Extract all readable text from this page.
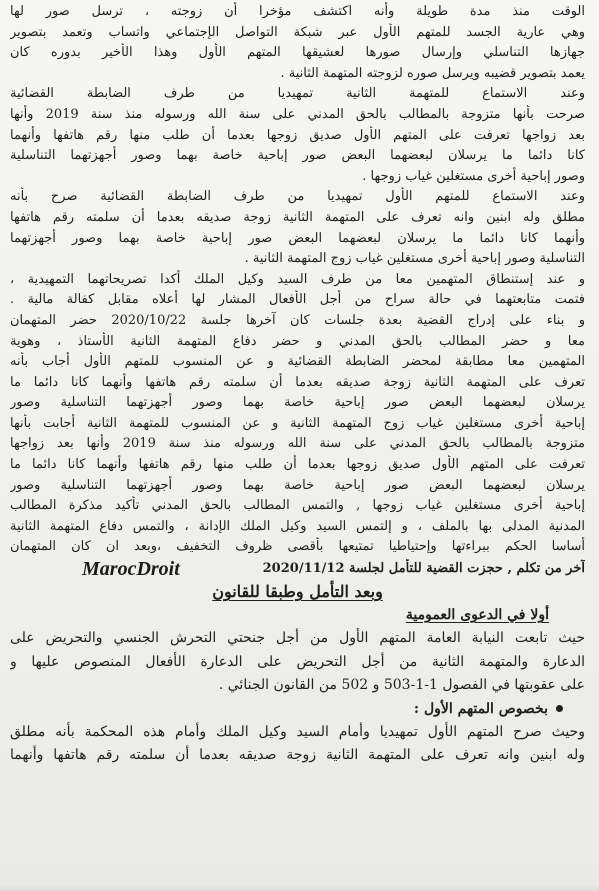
الوقت منذ مدة طويلة وأنه اكتشف مؤخرا أن زوجته ، ترسل صور لها
وهي عارية الجسد للمتهم الأول عبر شبكة التواصل الإجتماعي واتساب وتعمد بتصوير
جهازها التناسلي وإرسال صورها لعشيقها المتهم الأول وهذا الأخير بدوره كان
يعمد بتصوير قضيبه ويرسل صوره لزوجته المتهمة الثانية .
وعند الاستماع للمتهمة الثانية تمهيديا من طرف الضابطة القضائية
صرحت بأنها متزوجة بالمطالب بالحق المدني على سنة الله ورسوله منذ سنة 2019 وأنها
بعد زواجها تعرفت على المتهم الأول صديق زوجها بعدما أن طلب منها رقم هاتفها وأنهما
كانا دائما ما يرسلان لبعضهما البعض صور إباحية خاصة بهما وصور أجهزتهما التناسلية
وصور إباحية أخرى مستغلين غياب زوجها .
وعند الاستماع للمتهم الأول تمهيديا من طرف الضابطة القضائية صرح بأنه
مطلق وله ابنين وانه تعرف على المتهمة الثانية زوجة صديقه بعدما أن سلمته رقم هاتفها
وأنهما كانا دائما ما يرسلان لبعضهما البعض صور إباحية خاصة بهما وصور أجهزتهما
التناسلية وصور إباحية أخرى مستغلين غياب زوج المتهمة الثانية .
و عند إستنطاق المتهمين معا من طرف السيد وكيل الملك أكدا تصريحاتهما التمهيدية ،
فتمت متابعتهما في حالة سراح من أجل الأفعال المشار لها أعلاه مقابل كفالة مالية .
و بناء على إدراج القضية بعدة جلسات كان آخرها جلسة 2020/10/22 حضر المتهمان
معا و حضر المطالب بالحق المدني و حضر دفاع المتهمة الثانية الأستاذ ، وهوية
المتهمين معا مطابقة لمحضر الضابطة القضائية و عن المنسوب للمتهم الأول أجاب بأنه
تعرف على المتهمة الثانية زوجة صديقه بعدما أن سلمته رقم هاتفها وأنهما كانا دائما ما
يرسلان لبعضهما البعض صور إباحية خاصة بهما وصور أجهزتهما التناسلية وصور
إباحية أخرى مستغلين غياب زوج المتهمة الثانية و عن المنسوب للمتهمة الثانية أجابت بأنها
متزوجة بالمطالب بالحق المدني على سنة الله ورسوله منذ سنة 2019 وأنها بعد زواجها
تعرفت على المتهم الأول صديق زوجها بعدما أن طلب منها رقم هاتفها وأنهما كانا دائما ما
يرسلان لبعضهما البعض صور إباحية خاصة بهما وصور أجهزتهما التناسلية وصور
إباحية أخرى مستغلين غياب زوجها , والتمس المطالب بالحق المدني تأكيد مذكرة المطالب
المدنية المدلى بها بالملف ، و إلتمس السيد وكيل الملك الإدانة ، والتمس دفاع المتهمة الثانية
أساسا الحكم ببراءتها وإحتياطيا تمتيعها بأقصى ظروف التخفيف ،وبعد ان كان المتهمان
MarocDroit	آخر من تكلم , حجزت القضية للتأمل لجلسة 2020/11/12
وبعد التأمل وطبقا للقانون
أولا في الدعوى العمومية
حيث تابعت النيابة العامة المتهم الأول من أجل جنحتي التحرش الجنسي والتحريض على
الدعارة والمتهمة الثانية من أجل التحريض على الدعارة الأفعال المنصوص عليها و
على عقوبتها في الفصول 1-1-503 و 502 من القانون الجنائي .
بخصوص المتهم الأول :
وحيث صرح المتهم الأول تمهيديا وأمام السيد وكيل الملك وأمام هذه المحكمة بأنه مطلق
وله ابنين وانه تعرف على المتهمة الثانية زوجة صديقه بعدما أن سلمته رقم هاتفها وأنهما
